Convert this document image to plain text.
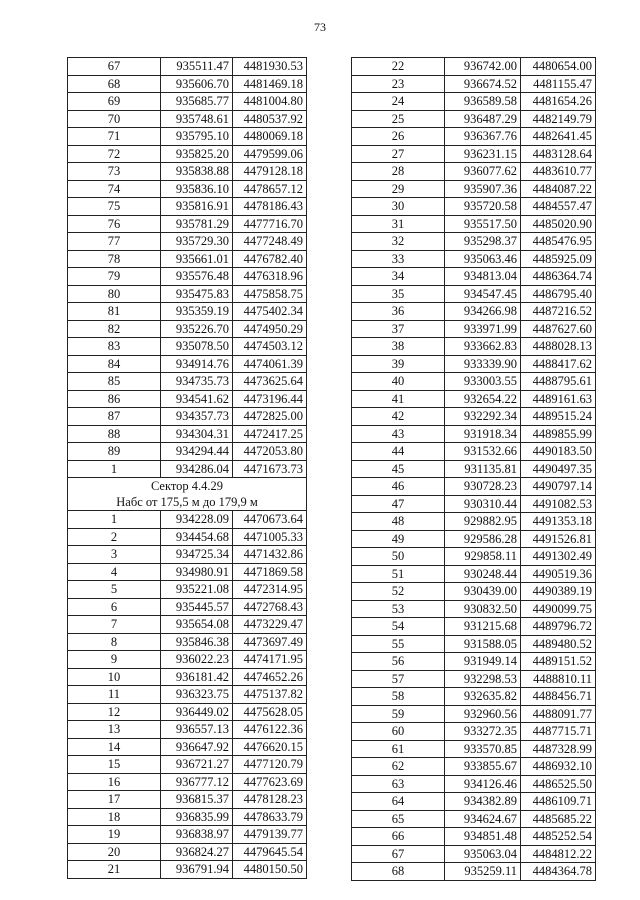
73
67	935511.47	4481930.53
68	935606.70	4481469.18
69	935685.77	4481004.80
70	935748.61	4480537.92
71	935795.10	4480069.18
72	935825.20	4479599.06
73	935838.88	4479128.18
74	935836.10	4478657.12
75	935816.91	4478186.43
76	935781.29	4477716.70
77	935729.30	4477248.49
78	935661.01	4476782.40
79	935576.48	4476318.96
80	935475.83	4475858.75
81	935359.19	4475402.34
82	935226.70	4474950.29
83	935078.50	4474503.12
84	934914.76	4474061.39
85	934735.73	4473625.64
86	934541.62	4473196.44
87	934357.73	4472825.00
88	934304.31	4472417.25
89	934294.44	4472053.80
1	934286.04	4471673.73

Сектор 4.4.29
Набс от 175,5 м до 179,9 м		

1	934228.09	4470673.64
2	934454.68	4471005.33
3	934725.34	4471432.86
4	934980.91	4471869.58
5	935221.08	4472314.95
6	935445.57	4472768.43
7	935654.08	4473229.47
8	935846.38	4473697.49
9	936022.23	4474171.95
10	936181.42	4474652.26
11	936323.75	4475137.82
12	936449.02	4475628.05
13	936557.13	4476122.36
14	936647.92	4476620.15
15	936721.27	4477120.79
16	936777.12	4477623.69
17	936815.37	4478128.23
18	936835.99	4478633.79
19	936838.97	4479139.77
20	936824.27	4479645.54
21	936791.94	4480150.50
22	936742.00	4480654.00
23	936674.52	4481155.47
24	936589.58	4481654.26
25	936487.29	4482149.79
26	936367.76	4482641.45
27	936231.15	4483128.64
28	936077.62	4483610.77
29	935907.36	4484087.22
30	935720.58	4484557.47
31	935517.50	4485020.90
32	935298.37	4485476.95
33	935063.46	4485925.09
34	934813.04	4486364.74
35	934547.45	4486795.40
36	934266.98	4487216.52
37	933971.99	4487627.60
38	933662.83	4488028.13
39	933339.90	4488417.62
40	933003.55	4488795.61
41	932654.22	4489161.63
42	932292.34	4489515.24
43	931918.34	4489855.99
44	931532.66	4490183.50
45	931135.81	4490497.35
46	930728.23	4490797.14
47	930310.44	4491082.53
48	929882.95	4491353.18
49	929586.28	4491526.81
50	929858.11	4491302.49
51	930248.44	4490519.36
52	930439.00	4490389.19
53	930832.50	4490099.75
54	931215.68	4489796.72
55	931588.05	4489480.52
56	931949.14	4489151.52
57	932298.53	4488810.11
58	932635.82	4488456.71
59	932960.56	4488091.77
60	933272.35	4487715.71
61	933570.85	4487328.99
62	933855.67	4486932.10
63	934126.46	4486525.50
64	934382.89	4486109.71
65	934624.67	4485685.22
66	934851.48	4485252.54
67	935063.04	4484812.22
68	935259.11	4484364.78
